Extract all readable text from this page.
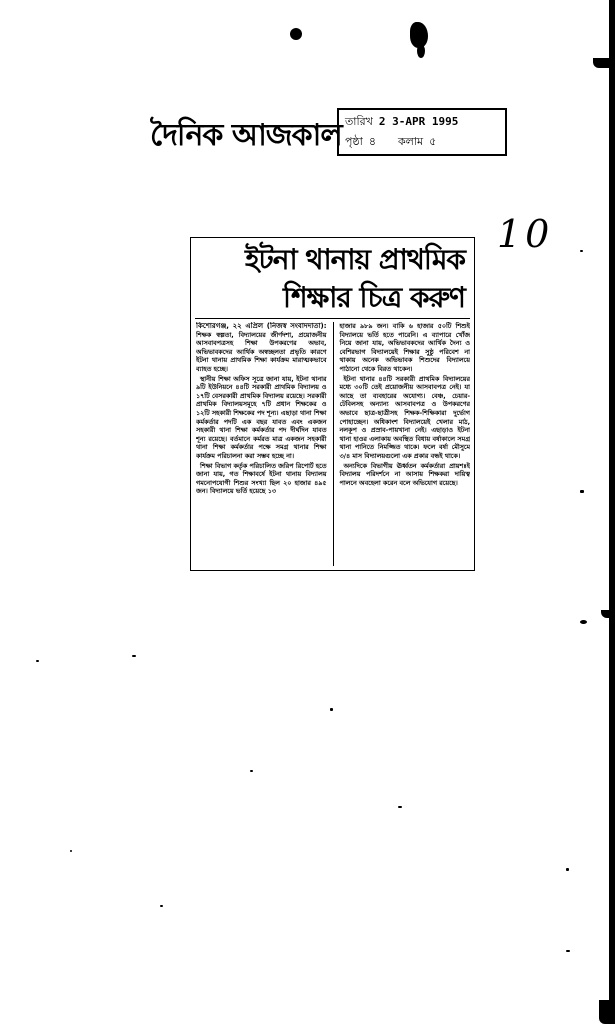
দৈনিক আজকাল তারিখ 2 3-APR 1995
পৃষ্ঠা ৪ কলাম ৫
10
ইটনা থানায় প্রাথমিক
শিক্ষার চিত্র করুণ

কিশোরগঞ্জ, ২২ এপ্রিল (নিজস্ব সংবাদদাতা): শিক্ষক স্বল্পতা, বিদ্যালয়ের জীর্ণদশা, প্রয়োজনীয় আসবাবপত্রসহ শিক্ষা উপকরণের অভাব, অভিভাবকদের আর্থিক অস্বচ্ছলতা প্রভৃতি কারণে ইটনা থানায় প্রাথমিক শিক্ষা কার্যক্রম মারাত্মকভাবে ব্যাহত হচ্ছে।

স্থানীয় শিক্ষা অফিস সূত্রে জানা যায়, ইটনা থানার ৯টি ইউনিয়নে ৪৪টি সরকারী প্রাথমিক বিদ্যালয় ও ১৭টি বেসরকারী প্রাথমিক বিদ্যালয় রয়েছে। সরকারী প্রাথমিক বিদ্যালয়সমূহে ৭টি প্রধান শিক্ষকের ও ১২টি সহকারী শিক্ষকের পদ শূন্য। এছাড়া থানা শিক্ষা কর্মকর্তার পদটি এক বছর যাবত এবং একজন সহকারী থানা শিক্ষা কর্মকর্তার পদ দীর্ঘদিন যাবত শূন্য রয়েছে। বর্তমানে কর্মরত মাত্র একজন সহকারী থানা শিক্ষা কর্মকর্তার পক্ষে সমগ্র থানার শিক্ষা কার্যক্রম পরিচালনা করা সম্ভব হচ্ছে না।

শিক্ষা বিভাগ কর্তৃক পরিচালিত জরিপ রিপোর্ট হতে জানা যায়, গত শিক্ষাবর্ষে ইটনা থানায় বিদ্যালয় গমনোপযোগী শিশুর সংখ্যা ছিল ২০ হাজার ৪৯৫ জন। বিদ্যালয়ে ভর্তি হয়েছে ১৩

হাজার ৯৮৯ জন। বাকি ৬ হাজার ৫০টি শিশুই বিদ্যালয়ে ভর্তি হতে পারেনি। এ ব্যাপারে খোঁজ নিয়ে জানা যায়, অভিভাবকদের আর্থিক দৈন্য ও বেশিরভাগ বিদ্যালয়েই শিক্ষার সুষ্ঠু পরিবেশ না থাকায় অনেক অভিভাবক শিশুদের বিদ্যালয়ে পাঠানো থেকে বিরত থাকেন।

ইটনা থানার ৪৪টি সরকারী প্রাথমিক বিদ্যালয়ের মধ্যে ৩০টি তেই প্রয়োজনীয় আসবাবপত্র নেই। যা আছে তা ব্যবহারের অযোগ্য। বেঞ্চ, চেয়ার-টেবিলসহ অন্যান্য আসবাবপত্র ও উপকরণের অভাবে ছাত্র-ছাত্রীসহ শিক্ষক-শিক্ষিকারা দুর্ভোগ পোহাচ্ছেন। অধিকাংশ বিদ্যালয়েই খেলার মাঠ, নলকূপ ও প্রস্রাব-পায়খানা নেই। এছাড়াও ইটনা থানা হাওর এলাকায় অবস্থিত বিধায় বর্ষাকালে সমগ্র থানা পানিতে নিমজ্জিত থাকে। ফলে বর্ষা মৌসুমে ৩/৪ মাস বিদ্যালয়গুলো এক প্রকার বন্ধই থাকে।

অন্যদিকে বিভাগীয় ঊর্ধ্বতন কর্মকর্তারা প্রায়শঃই বিদ্যালয় পরিদর্শনে না আসায় শিক্ষকরা দায়িত্ব পালনে অবহেলা করেন বলে অভিযোগ রয়েছে।
